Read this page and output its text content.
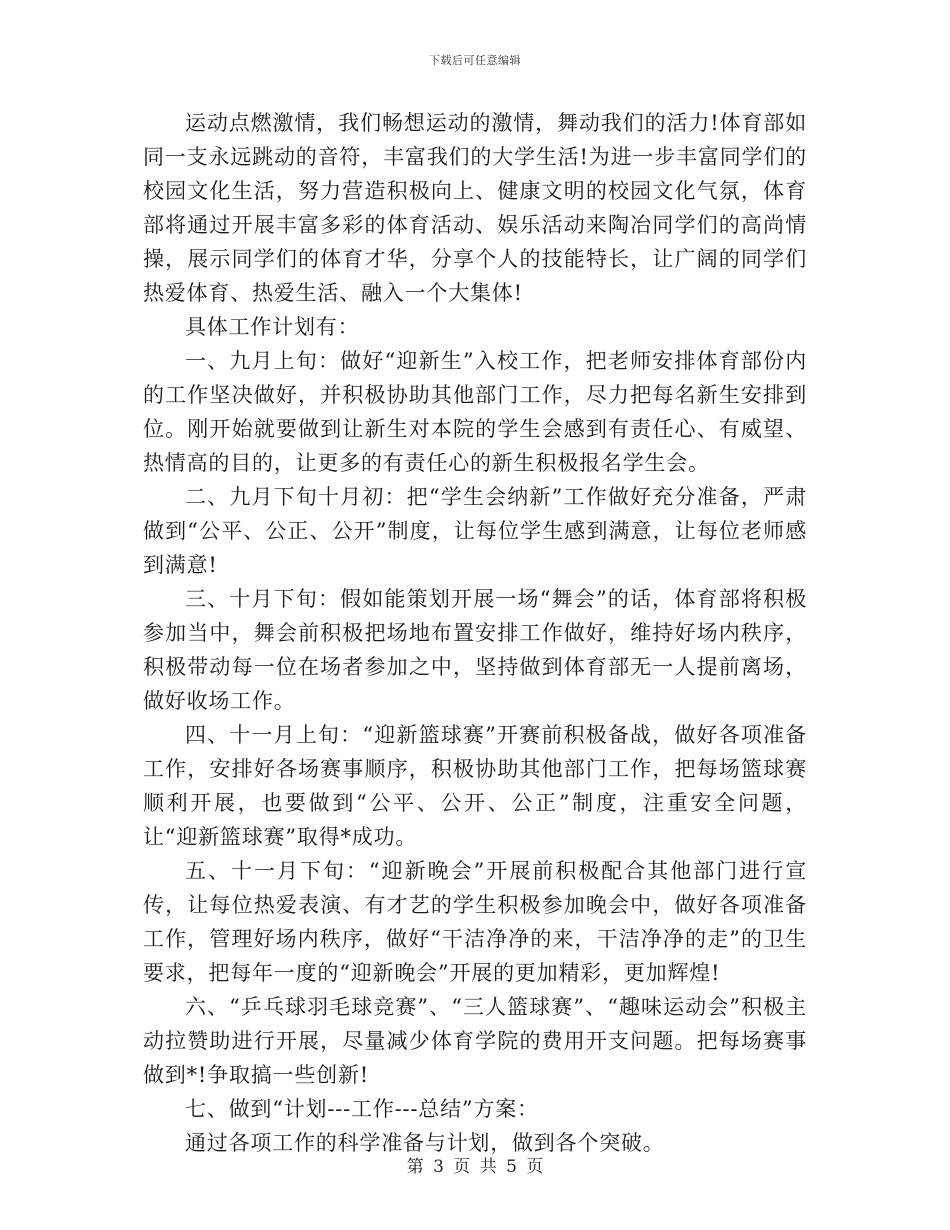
下载后可任意编辑

运动点燃激情，我们畅想运动的激情，舞动我们的活力!体育部如同一支永远跳动的音符，丰富我们的大学生活!为进一步丰富同学们的校园文化生活，努力营造积极向上、健康文明的校园文化气氛，体育部将通过开展丰富多彩的体育活动、娱乐活动来陶冶同学们的高尚情操，展示同学们的体育才华，分享个人的技能特长，让广阔的同学们热爱体育、热爱生活、融入一个大集体!

具体工作计划有：

一、九月上旬：做好“迎新生”入校工作，把老师安排体育部份内的工作坚决做好，并积极协助其他部门工作，尽力把每名新生安排到位。刚开始就要做到让新生对本院的学生会感到有责任心、有威望、热情高的目的，让更多的有责任心的新生积极报名学生会。

二、九月下旬十月初：把“学生会纳新”工作做好充分准备，严肃做到“公平、公正、公开”制度，让每位学生感到满意，让每位老师感到满意!

三、十月下旬：假如能策划开展一场“舞会”的话，体育部将积极参加当中，舞会前积极把场地布置安排工作做好，维持好场内秩序，积极带动每一位在场者参加之中，坚持做到体育部无一人提前离场，做好收场工作。

四、十一月上旬：“迎新篮球赛”开赛前积极备战，做好各项准备工作，安排好各场赛事顺序，积极协助其他部门工作，把每场篮球赛顺利开展，也要做到“公平、公开、公正”制度，注重安全问题，让“迎新篮球赛”取得*成功。

五、十一月下旬：“迎新晚会”开展前积极配合其他部门进行宣传，让每位热爱表演、有才艺的学生积极参加晚会中，做好各项准备工作，管理好场内秩序，做好“干洁净净的来，干洁净净的走”的卫生要求，把每年一度的“迎新晚会”开展的更加精彩，更加辉煌!

六、“乒乓球羽毛球竞赛”、“三人篮球赛”、“趣味运动会”积极主动拉赞助进行开展，尽量减少体育学院的费用开支问题。把每场赛事做到*!争取搞一些创新!

七、做到“计划---工作---总结”方案：

通过各项工作的科学准备与计划，做到各个突破。

第 3 页 共 5 页
